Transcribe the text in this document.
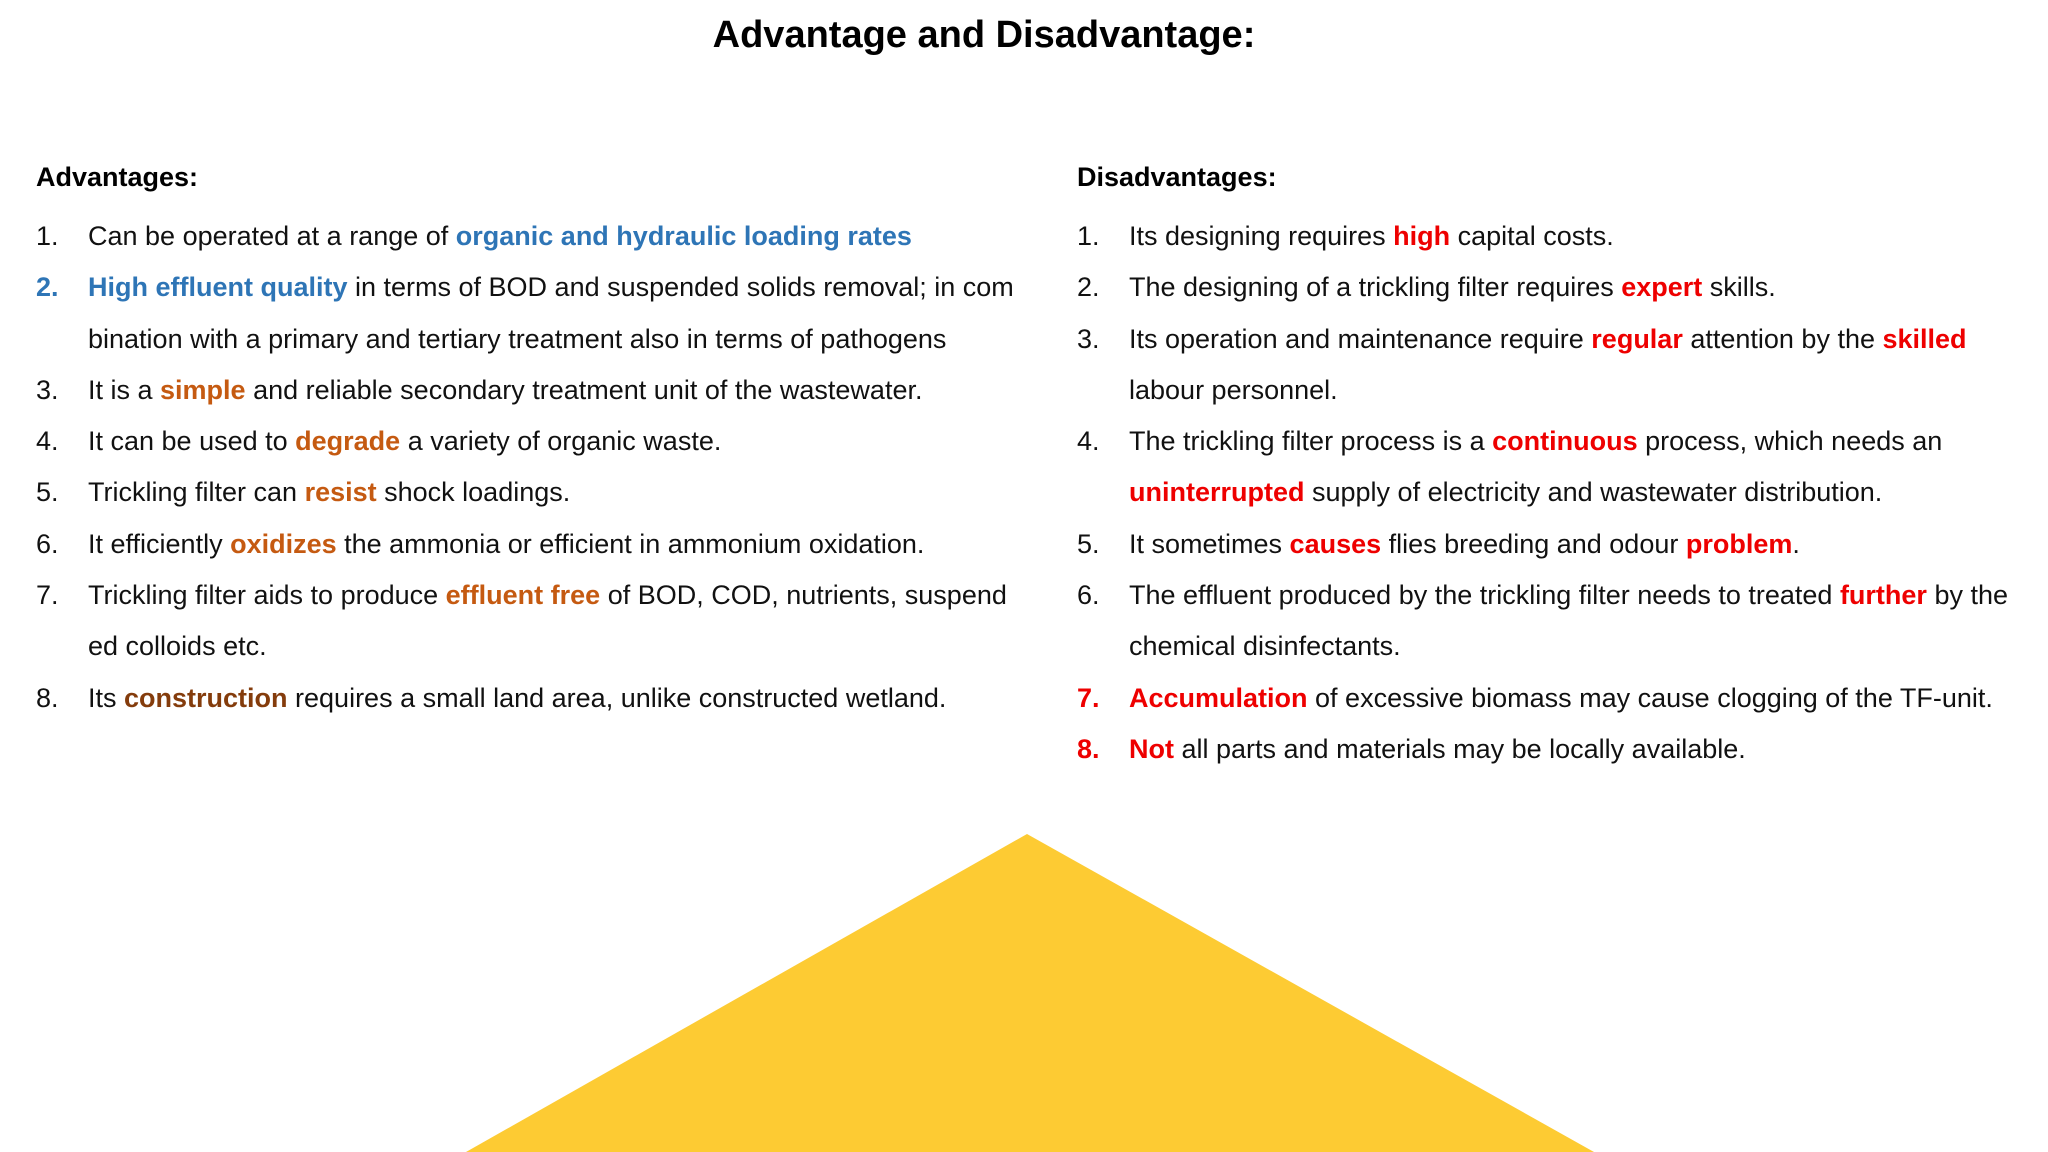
Advantage and Disadvantage:
Advantages:
1. Can be operated at a range of organic and hydraulic loading rates
2. High effluent quality in terms of BOD and suspended solids removal; in com bination with a primary and tertiary treatment also in terms of pathogens
3. It is a simple and reliable secondary treatment unit of the wastewater.
4. It can be used to degrade a variety of organic waste.
5. Trickling filter can resist shock loadings.
6. It efficiently oxidizes the ammonia or efficient in ammonium oxidation.
7. Trickling filter aids to produce effluent free of BOD, COD, nutrients, suspend ed colloids etc.
8. Its construction requires a small land area, unlike constructed wetland.
Disadvantages:
1. Its designing requires high capital costs.
2. The designing of a trickling filter requires expert skills.
3. Its operation and maintenance require regular attention by the skilled labour personnel.
4. The trickling filter process is a continuous process, which needs an uninterrupted supply of electricity and wastewater distribution.
5. It sometimes causes flies breeding and odour problem.
6. The effluent produced by the trickling filter needs to treated further by the chemical disinfectants.
7. Accumulation of excessive biomass may cause clogging of the TF-unit.
8. Not all parts and materials may be locally available.
